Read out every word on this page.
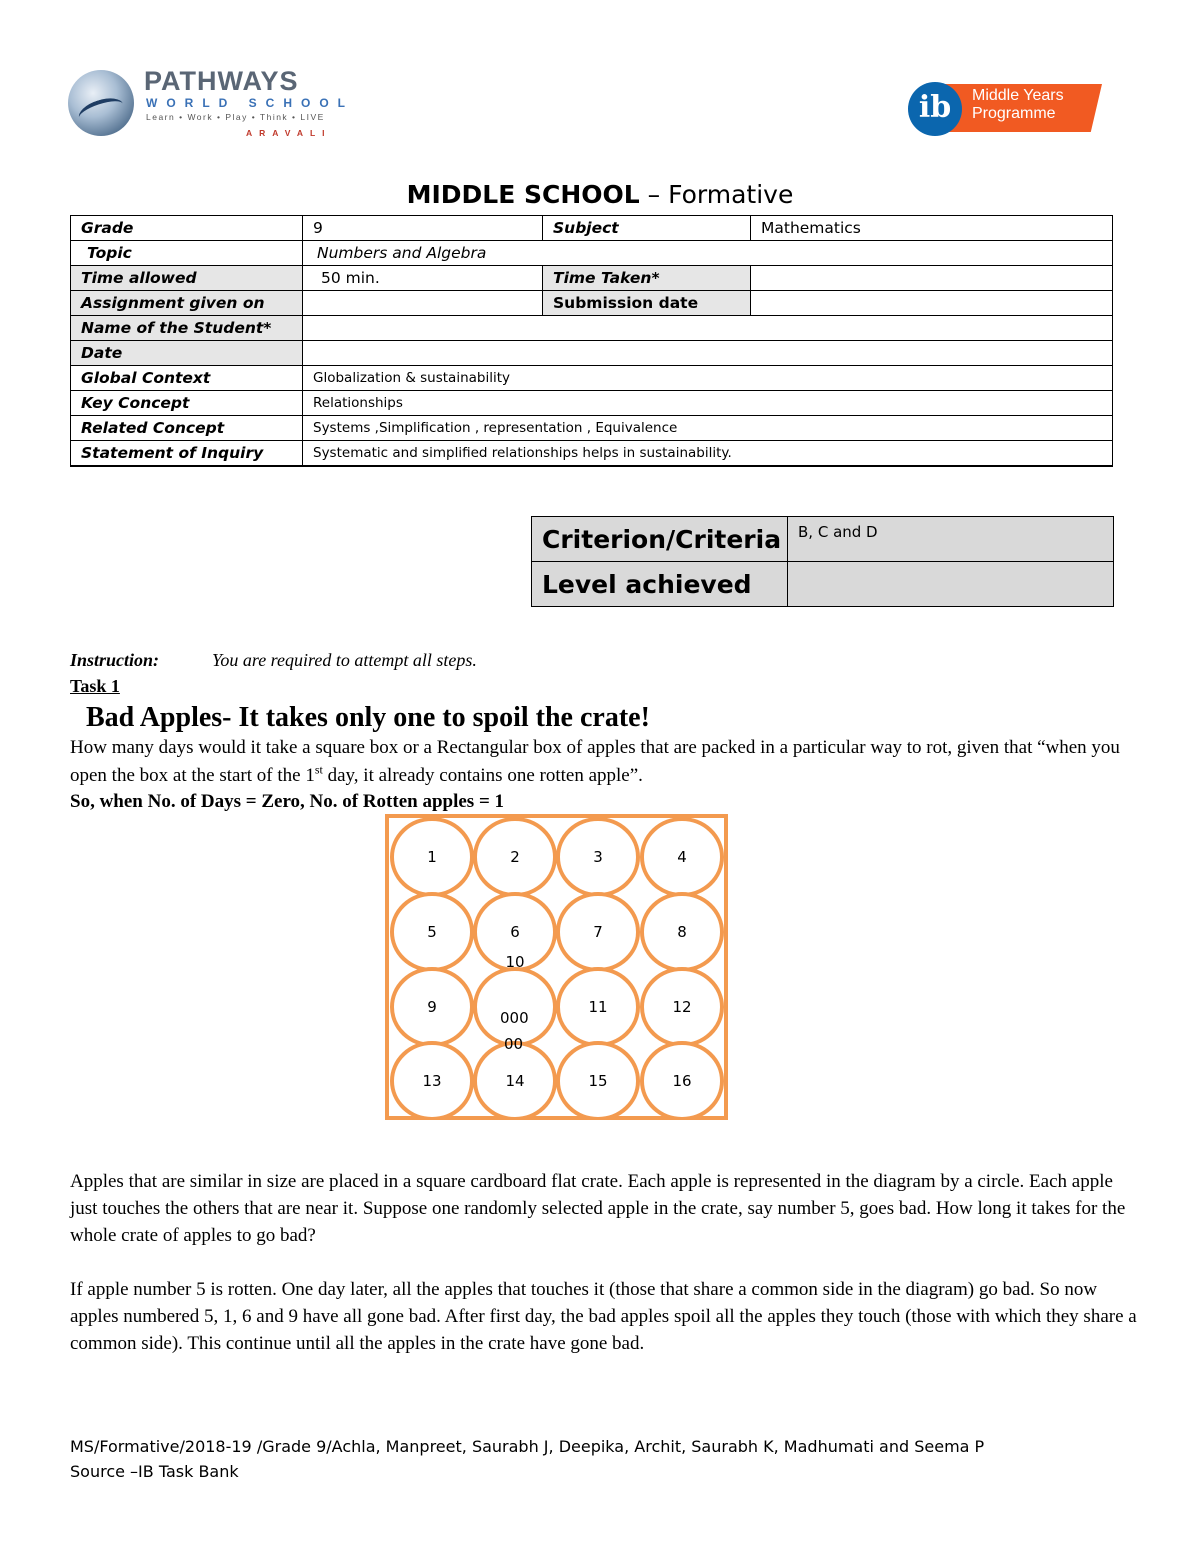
PATHWAYS
WORLD SCHOOL
Learn • Work • Play • Think • LIVE
ARAVALI
ib	Middle Years
Programme
MIDDLE SCHOOL – Formative
Grade	9	Subject	Mathematics
Topic	Numbers and Algebra		
Time allowed	50 min.	Time Taken*	
Assignment given on		Submission date	
Name of the Student*			
Date			
Global Context	Globalization & sustainability		
Key Concept	Relationships		
Related Concept	Systems ,Simplification , representation , Equivalence		
Statement of Inquiry	Systematic and simplified relationships helps in sustainability.		
Criterion/Criteria	B, C and D
Level achieved	
Instruction:	You are required to attempt all steps.
Task 1
Bad Apples- It takes only one to spoil the crate!
How many days would it take a square box or a Rectangular box of apples that are packed in a particular way to rot, given that “when you open the box at the start of the 1st day, it already contains one rotten apple”.
So, when No. of Days = Zero, No. of Rotten apples = 1
1	2	3	4
5	6	7	8
9
10
11	12
13	14	15	16
000
00
Apples that are similar in size are placed in a square cardboard flat crate. Each apple is represented in the diagram by a circle. Each apple just touches the others that are near it. Suppose one randomly selected apple in the crate, say number 5, goes bad. How long it takes for the whole crate of apples to go bad?
If apple number 5 is rotten. One day later, all the apples that touches it (those that share a common side in the diagram) go bad. So now apples numbered 5, 1, 6 and 9 have all gone bad. After first day, the bad apples spoil all the apples they touch (those with which they share a common side). This continue until all the apples in the crate have gone bad.
MS/Formative/2018-19 /Grade 9/Achla, Manpreet, Saurabh J, Deepika, Archit, Saurabh K, Madhumati and Seema P
Source –IB Task Bank
